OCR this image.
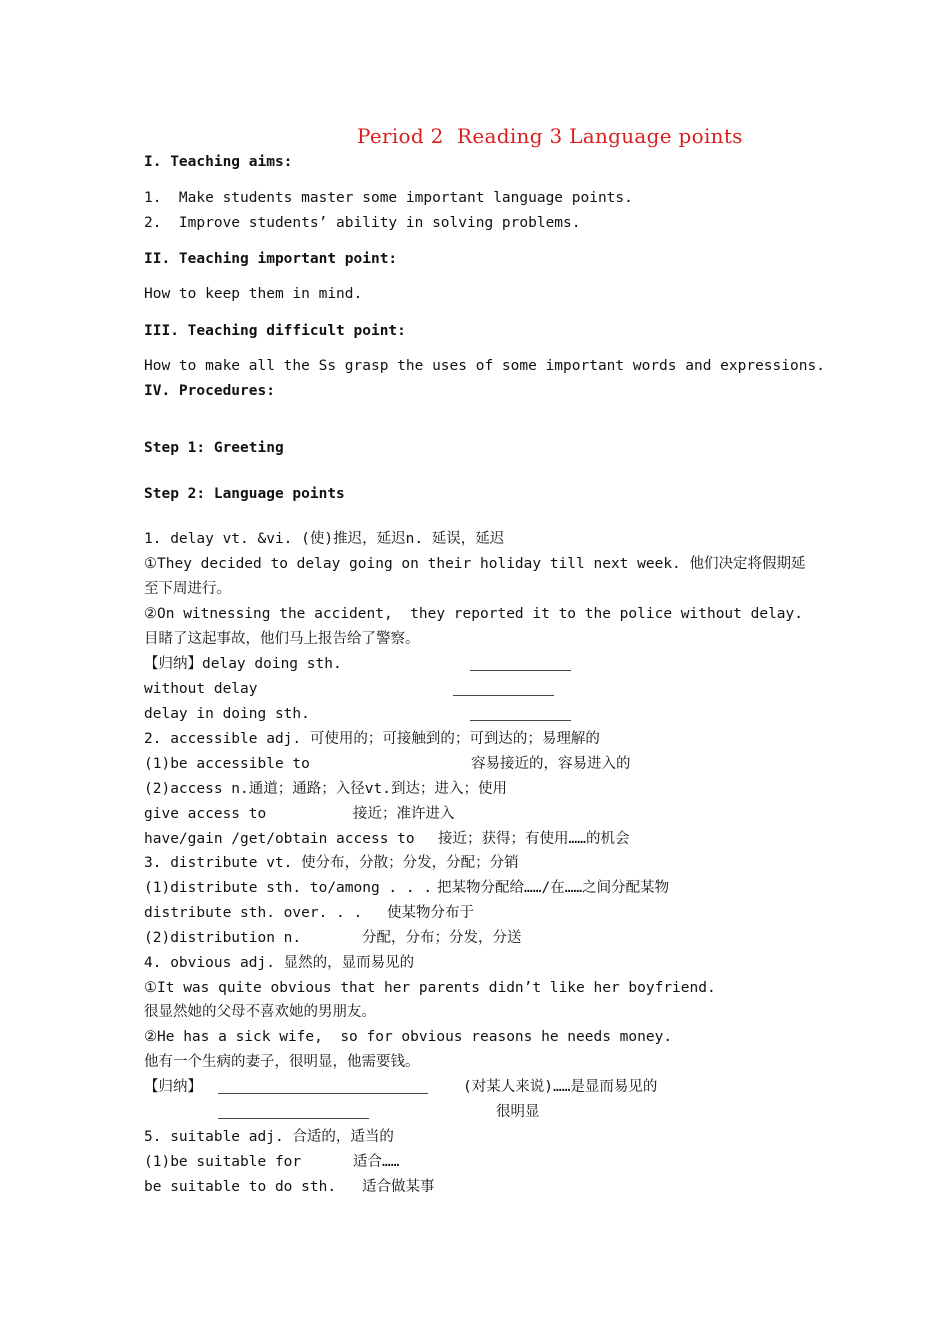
Period 2  Reading 3 Language points
I. Teaching aims:
1.  Make students master some important language points.
2.  Improve students’ ability in solving problems.
II. Teaching important point:
How to keep them in mind.
III. Teaching difficult point:
How to make all the Ss grasp the uses of some important words and expressions.
IV. Procedures:
Step 1: Greeting
Step 2: Language points
1. delay vt. &vi. (使)推迟，延迟n. 延误，延迟
①They decided to delay going on their holiday till next week. 他们决定将假期延
至下周进行。
②On witnessing the accident,  they reported it to the police without delay.
目睹了这起事故，他们马上报告给了警察。
【归纳】delay doing sth.
without delay
delay in doing sth.
2. accessible adj. 可使用的；可接触到的；可到达的；易理解的
(1)be accessible to	容易接近的，容易进入的
(2)access n.通道；通路；入径vt.到达；进入；使用
give access to	接近；准许进入
have/gain /get/obtain access to 接近；获得；有使用……的机会
3. distribute vt. 使分布，分散；分发，分配；分销
(1)distribute sth. to/among . . . 把某物分配给……/在……之间分配某物
distribute sth. over. . . 使某物分布于
(2)distribution n.	分配，分布；分发，分送
4. obvious adj. 显然的，显而易见的
①It was quite obvious that her parents didn’t like her boyfriend.
很显然她的父母不喜欢她的男朋友。
②He has a sick wife,  so for obvious reasons he needs money.
他有一个生病的妻子，很明显，他需要钱。
【归纳】	(对某人来说)……是显而易见的
很明显
5. suitable adj. 合适的，适当的
(1)be suitable for	适合……
be suitable to do sth. 适合做某事
